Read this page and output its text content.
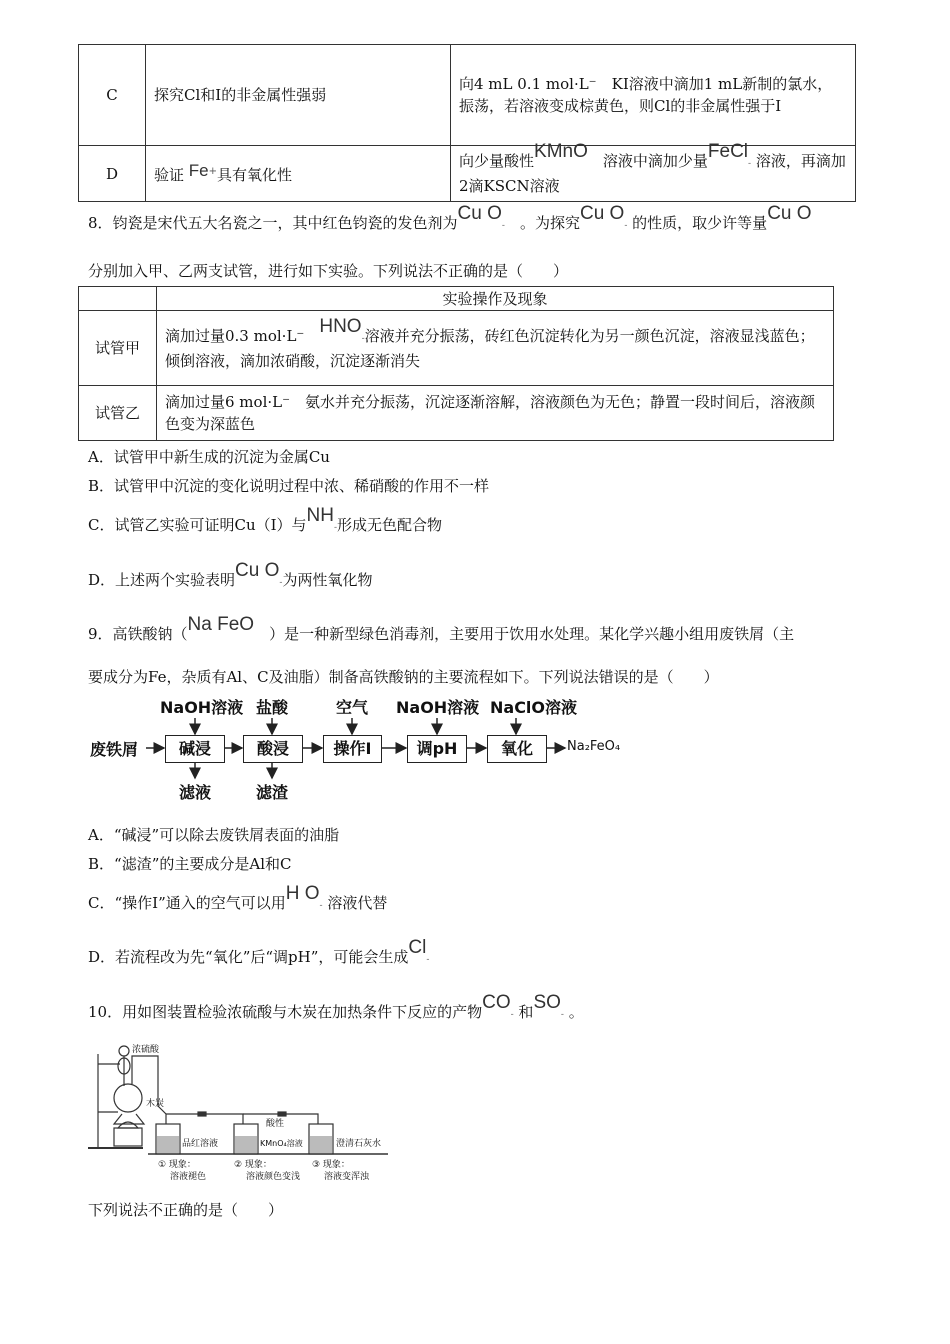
C	探究Cl和Ⅰ的非金属性强弱	向4 mL 0.1 mol·L⁻　 KI溶液中滴加1 mL新制的氯水，振荡，若溶液变成棕黄色，则Cl的非金属性强于I
D	验证 Fe+具有氧化性	向少量酸性KMnO　 溶液中滴加少量FeCl- 溶液，再滴加2滴KSCN溶液
8．钧瓷是宋代五大名瓷之一，其中红色钧瓷的发色剂为Cu O-　 。为探究Cu O- 的性质，取少许等量Cu O
分别加入甲、乙两支试管，进行如下实验。下列说法不正确的是（　　）
	实验操作及现象
试管甲	滴加过量0.3 mol·L⁻　 HNO-溶液并充分振荡，砖红色沉淀转化为另一颜色沉淀，溶液显浅蓝色；倾倒溶液，滴加浓硝酸，沉淀逐渐消失
试管乙	滴加过量6 mol·L⁻　氨水并充分振荡，沉淀逐渐溶解，溶液颜色为无色；静置一段时间后，溶液颜色变为深蓝色
A．试管甲中新生成的沉淀为金属Cu
B．试管甲中沉淀的变化说明过程中浓、稀硝酸的作用不一样
C．试管乙实验可证明Cu（Ⅰ）与NH-形成无色配合物
D．上述两个实验表明Cu O-为两性氧化物
9．高铁酸钠（Na FeO　 ）是一种新型绿色消毒剂，主要用于饮用水处理。某化学兴趣小组用废铁屑（主
要成分为Fe，杂质有Al、C及油脂）制备高铁酸钠的主要流程如下。下列说法错误的是（　　）
废铁屑	碱浸	酸浸	操作Ⅰ	调pH	氧化	Na₂FeO₄
NaOH溶液 盐酸	空气 NaOH溶液 NaClO溶液
滤液	滤渣
A．“碱浸”可以除去废铁屑表面的油脂
B．“滤渣”的主要成分是Al和C
C．“操作Ⅰ”通入的空气可以用H O- 溶液代替
D．若流程改为先“氧化”后“调pH”，可能会生成Cl-
10．用如图装置检验浓硫酸与木炭在加热条件下反应的产物CO- 和SO- 。
浓硫酸
木炭
品红溶液
酸性
KMnO₄溶液	澄清石灰水
① 现象：
溶液褪色
② 现象：
溶液颜色变浅
③ 现象：
溶液变浑浊
下列说法不正确的是（　　）
